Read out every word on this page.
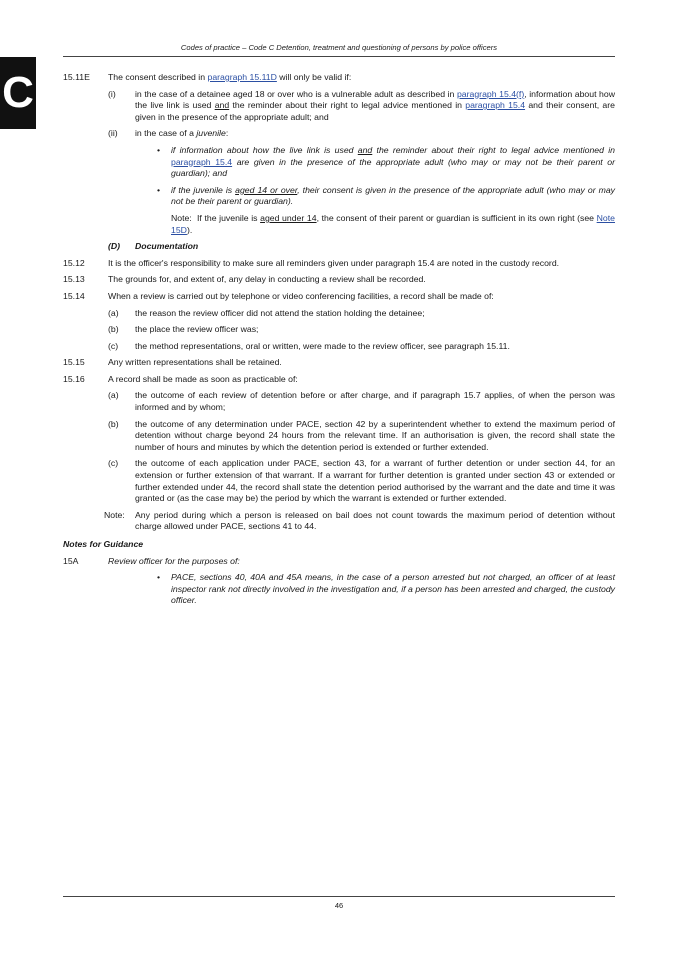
C
Codes of practice – Code C Detention, treatment and questioning of persons by police officers
15.11E The consent described in paragraph 15.11D will only be valid if:
(i) in the case of a detainee aged 18 or over who is a vulnerable adult as described in paragraph 15.4(f), information about how the live link is used and the reminder about their right to legal advice mentioned in paragraph 15.4 and their consent, are given in the presence of the appropriate adult; and
(ii) in the case of a juvenile:
• if information about how the live link is used and the reminder about their right to legal advice mentioned in paragraph 15.4 are given in the presence of the appropriate adult (who may or may not be their parent or guardian); and
• if the juvenile is aged 14 or over, their consent is given in the presence of the appropriate adult (who may or may not be their parent or guardian).
Note: If the juvenile is aged under 14, the consent of their parent or guardian is sufficient in its own right (see Note 15D).
(D) Documentation
15.12	It is the officer's responsibility to make sure all reminders given under paragraph 15.4 are noted in the custody record.
15.13	The grounds for, and extent of, any delay in conducting a review shall be recorded.
15.14	When a review is carried out by telephone or video conferencing facilities, a record shall be made of:
(a) the reason the review officer did not attend the station holding the detainee;
(b) the place the review officer was;
(c) the method representations, oral or written, were made to the review officer, see paragraph 15.11.
15.15	Any written representations shall be retained.
15.16	A record shall be made as soon as practicable of:
(a) the outcome of each review of detention before or after charge, and if paragraph 15.7 applies, of when the person was informed and by whom;
(b) the outcome of any determination under PACE, section 42 by a superintendent whether to extend the maximum period of detention without charge beyond 24 hours from the relevant time. If an authorisation is given, the record shall state the number of hours and minutes by which the detention period is extended or further extended.
(c) the outcome of each application under PACE, section 43, for a warrant of further detention or under section 44, for an extension or further extension of that warrant. If a warrant for further detention is granted under section 43 or extended or further extended under 44, the record shall state the detention period authorised by the warrant and the date and time it was granted or (as the case may be) the period by which the warrant is extended or further extended.
Note: Any period during which a person is released on bail does not count towards the maximum period of detention without charge allowed under PACE, sections 41 to 44.
Notes for Guidance
15A	Review officer for the purposes of:
• PACE, sections 40, 40A and 45A means, in the case of a person arrested but not charged, an officer of at least inspector rank not directly involved in the investigation and, if a person has been arrested and charged, the custody officer.
46
